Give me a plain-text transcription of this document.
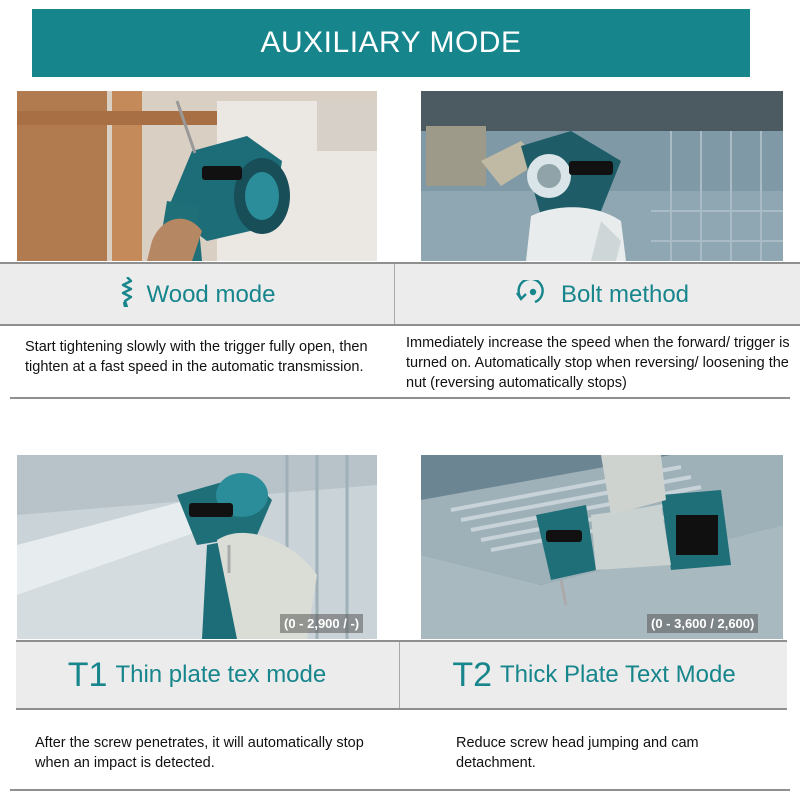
AUXILIARY MODE
Wood mode	Bolt method
Start tightening slowly with the trigger fully open, then tighten at a fast speed in the automatic transmission.
Immediately increase the speed when the forward/ trigger is turned on. Automatically stop when reversing/ loosening the nut (reversing automatically stops)
(0 - 2,900 / -)	(0 - 3,600 / 2,600)
T1 Thin plate tex mode	T2 Thick Plate Text Mode
After the screw penetrates, it will automatically stop when an impact is detected.
Reduce screw head jumping and cam detachment.
